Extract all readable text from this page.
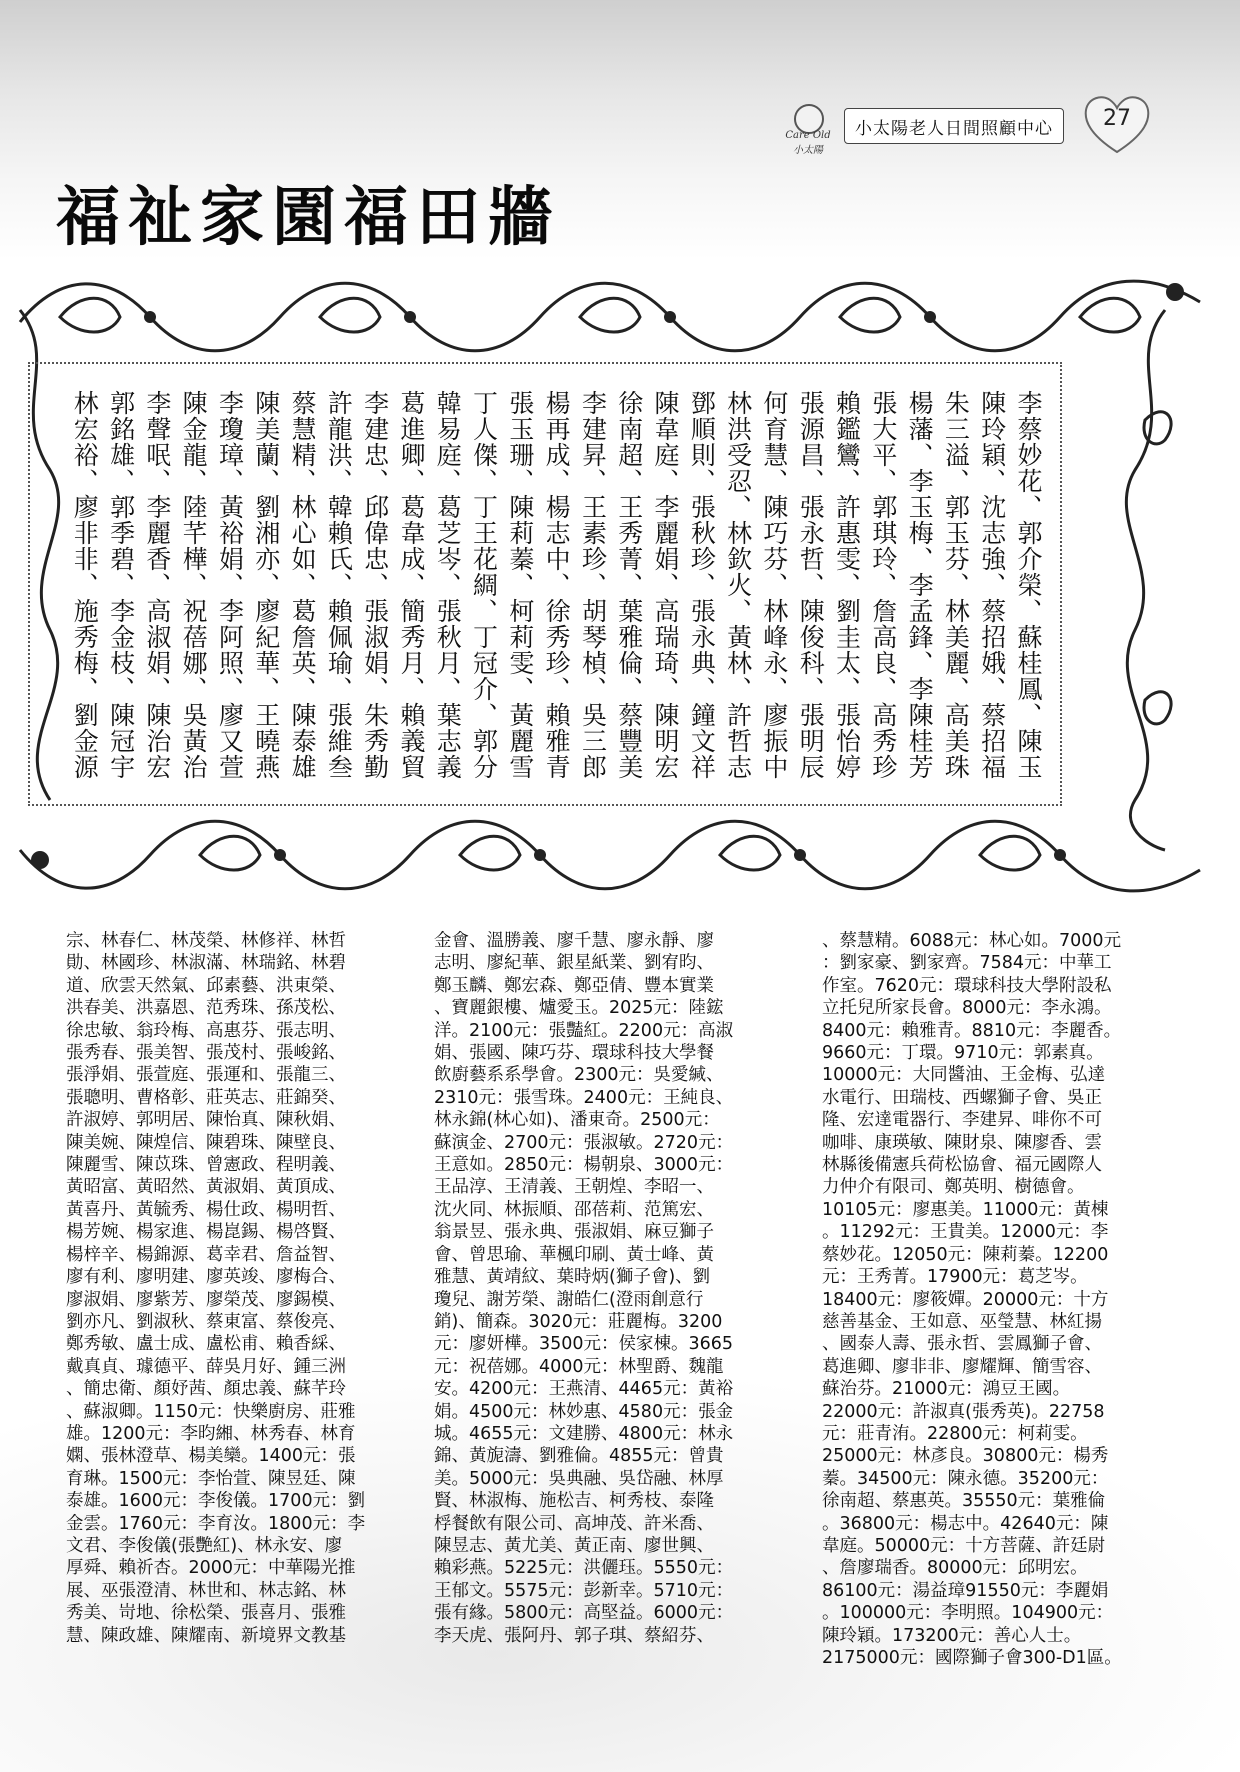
Care Old 小太陽
小太陽老人日間照顧中心	27
福祉家園福田牆
李蔡妙花、郭介榮、蘇桂鳳、陳玉
陳玲穎、沈志強、蔡招娥、蔡招福
朱三溢、郭玉芬、林美麗、高美珠
楊藩、李玉梅、李孟鋒、李陳桂芳
張大平、郭琪玲、詹高良、高秀珍
賴鑑鸞、許惠雯、劉圭太、張怡婷
張源昌、張永哲、陳俊科、張明辰
何育慧、陳巧芬、林峰永、廖振中
林洪受忍、林欽火、黃林、許哲志
鄧順則、張秋珍、張永典、鐘文祥
陳韋庭、李麗娟、高瑞琦、陳明宏
徐南超、王秀菁、葉雅倫、蔡豐美
李建昇、王素珍、胡琴楨、吳三郎
楊再成、楊志中、徐秀珍、賴雅青
張玉珊、陳莉蓁、柯莉雯、黃麗雪
丁人傑、丁王花綢、丁冠介、郭分
韓易庭、葛芝岑、張秋月、葉志義
葛進卿、葛韋成、簡秀月、賴義貿
李建忠、邱偉忠、張淑娟、朱秀勤
許龍洪、韓賴氏、賴佩瑜、張維叁
蔡慧精、林心如、葛詹英、陳泰雄
陳美蘭、劉湘亦、廖紀華、王曉燕
李瓊璋、黃裕娟、李阿照、廖又萱
陳金龍、陸芊樺、祝蓓娜、吳黃治
李聲呡、李麗香、高淑娟、陳治宏
郭銘雄、郭季碧、李金枝、陳冠宇
林宏裕、廖非非、施秀梅、劉金源
宗、林春仁、林茂榮、林修祥、林哲
勛、林國珍、林淑滿、林瑞銘、林碧
道、欣雲天然氣、邱素藝、洪東榮、
洪春美、洪嘉恩、范秀珠、孫茂松、
徐忠敏、翁玲梅、高惠芬、張志明、
張秀春、張美智、張茂村、張峻銘、
張淨娟、張萱庭、張運和、張龍三、
張聰明、曹格彰、莊英志、莊錦癸、
許淑婷、郭明居、陳怡真、陳秋娟、
陳美婉、陳煌信、陳碧珠、陳壁良、
陳麗雪、陳苡珠、曾憲政、程明義、
黃昭富、黃昭然、黃淑娟、黃頂成、
黃喜丹、黃毓秀、楊仕政、楊明哲、
楊芳婉、楊家進、楊崑錫、楊啓賢、
楊梓辛、楊錦源、葛幸君、詹益智、
廖有利、廖明建、廖英竣、廖梅合、
廖淑娟、廖紫芳、廖榮茂、廖錫模、
劉亦凡、劉淑秋、蔡東富、蔡俊亮、
鄭秀敏、盧士成、盧松甫、賴香綵、
戴真貞、璩德平、薛吳月好、鍾三洲
、簡忠衛、顏妤茜、顏忠義、蘇芊玲
、蘇淑卿。1150元：快樂廚房、莊雅
雄。1200元：李昀緗、林秀春、林育
嫻、張林澄草、楊美欒。1400元：張
育琳。1500元：李怡萱、陳昱廷、陳
泰雄。1600元：李俊儀。1700元：劉
金雲。1760元：李育汝。1800元：李
文君、李俊儀(張艷紅)、林永安、廖
厚舜、賴祈杏。2000元：中華陽光推
展、巫張澄清、林世和、林志銘、林
秀美、岢地、徐松榮、張喜月、張雅
慧、陳政雄、陳耀南、新境界文教基
金會、溫勝義、廖千慧、廖永靜、廖
志明、廖紀華、銀星紙業、劉宥昀、
鄭玉麟、鄭宏森、鄭亞倩、豐本實業
、寶麗銀樓、爐愛玉。2025元：陸鋐
洋。2100元：張豔紅。2200元：高淑
娟、張國、陳巧芬、環球科技大學餐
飲廚藝系系學會。2300元：吳愛緘、
2310元：張雪珠。2400元：王純良、
林永錦(林心如)、潘東奇。2500元：
蘇演金、2700元：張淑敏。2720元：
王意如。2850元：楊朝泉、3000元：
王品淳、王清義、王朝煌、李昭一、
沈火同、林振順、邵蓓莉、范篤宏、
翁景昱、張永典、張淑娟、麻豆獅子
會、曾思瑜、華楓印刷、黃士峰、黃
雅慧、黃靖紋、葉時炳(獅子會)、劉
瓊兒、謝芳榮、謝皓仁(澄雨創意行
銷)、簡森。3020元：莊麗梅。3200
元：廖妍樺。3500元：侯家棟。3665
元：祝蓓娜。4000元：林聖爵、魏龍
安。4200元：王燕清、4465元：黃裕
娟。4500元：林妙惠、4580元：張金
城。4655元：文建勝、4800元：林永
錦、黃旎濤、劉雅倫。4855元：曾貴
美。5000元：吳典融、吳岱融、林厚
賢、林淑梅、施松吉、柯秀枝、泰隆
桴餐飲有限公司、高坤茂、許米喬、
陳昱志、黃尤美、黃正南、廖世興、
賴彩燕。5225元：洪儷珏。5550元：
王郁文。5575元：彭新幸。5710元：
張有緣。5800元：高堅益。6000元：
李天虎、張阿丹、郭子琪、蔡紹芬、
、蔡慧精。6088元：林心如。7000元
：劉家豪、劉家齊。7584元：中華工
作室。7620元：環球科技大學附設私
立托兒所家長會。8000元：李永鴻。
8400元：賴雅青。8810元：李麗香。
9660元：丁環。9710元：郭素真。
10000元：大同醬油、王金梅、弘達
水電行、田瑞枝、西螺獅子會、吳正
隆、宏達電器行、李建昇、啡你不可
咖啡、康瑛敏、陳財泉、陳廖香、雲
林縣後備憲兵荷松協會、福元國際人
力仲介有限司、鄭英明、樹德會。
10105元：廖惠美。11000元：黃棟
。11292元：王貴美。12000元：李
蔡妙花。12050元：陳莉蓁。12200
元：王秀菁。17900元：葛芝岑。
18400元：廖筱嬋。20000元：十方
慈善基金、王如意、巫瑩慧、林紅揚
、國泰人壽、張永哲、雲鳳獅子會、
葛進卿、廖非非、廖耀輝、簡雪容、
蘇治芬。21000元：鴻豆王國。
22000元：許淑真(張秀英)。22758
元：莊青洧。22800元：柯莉雯。
25000元：林彥良。30800元：楊秀
蓁。34500元：陳永德。35200元：
徐南超、蔡惠英。35550元：葉雅倫
。36800元：楊志中。42640元：陳
韋庭。50000元：十方菩薩、許廷尉
、詹廖瑞香。80000元：邱明宏。
86100元：湯益璋91550元：李麗娟
。100000元：李明照。104900元：
陳玲穎。173200元：善心人士。
2175000元：國際獅子會300-D1區。
